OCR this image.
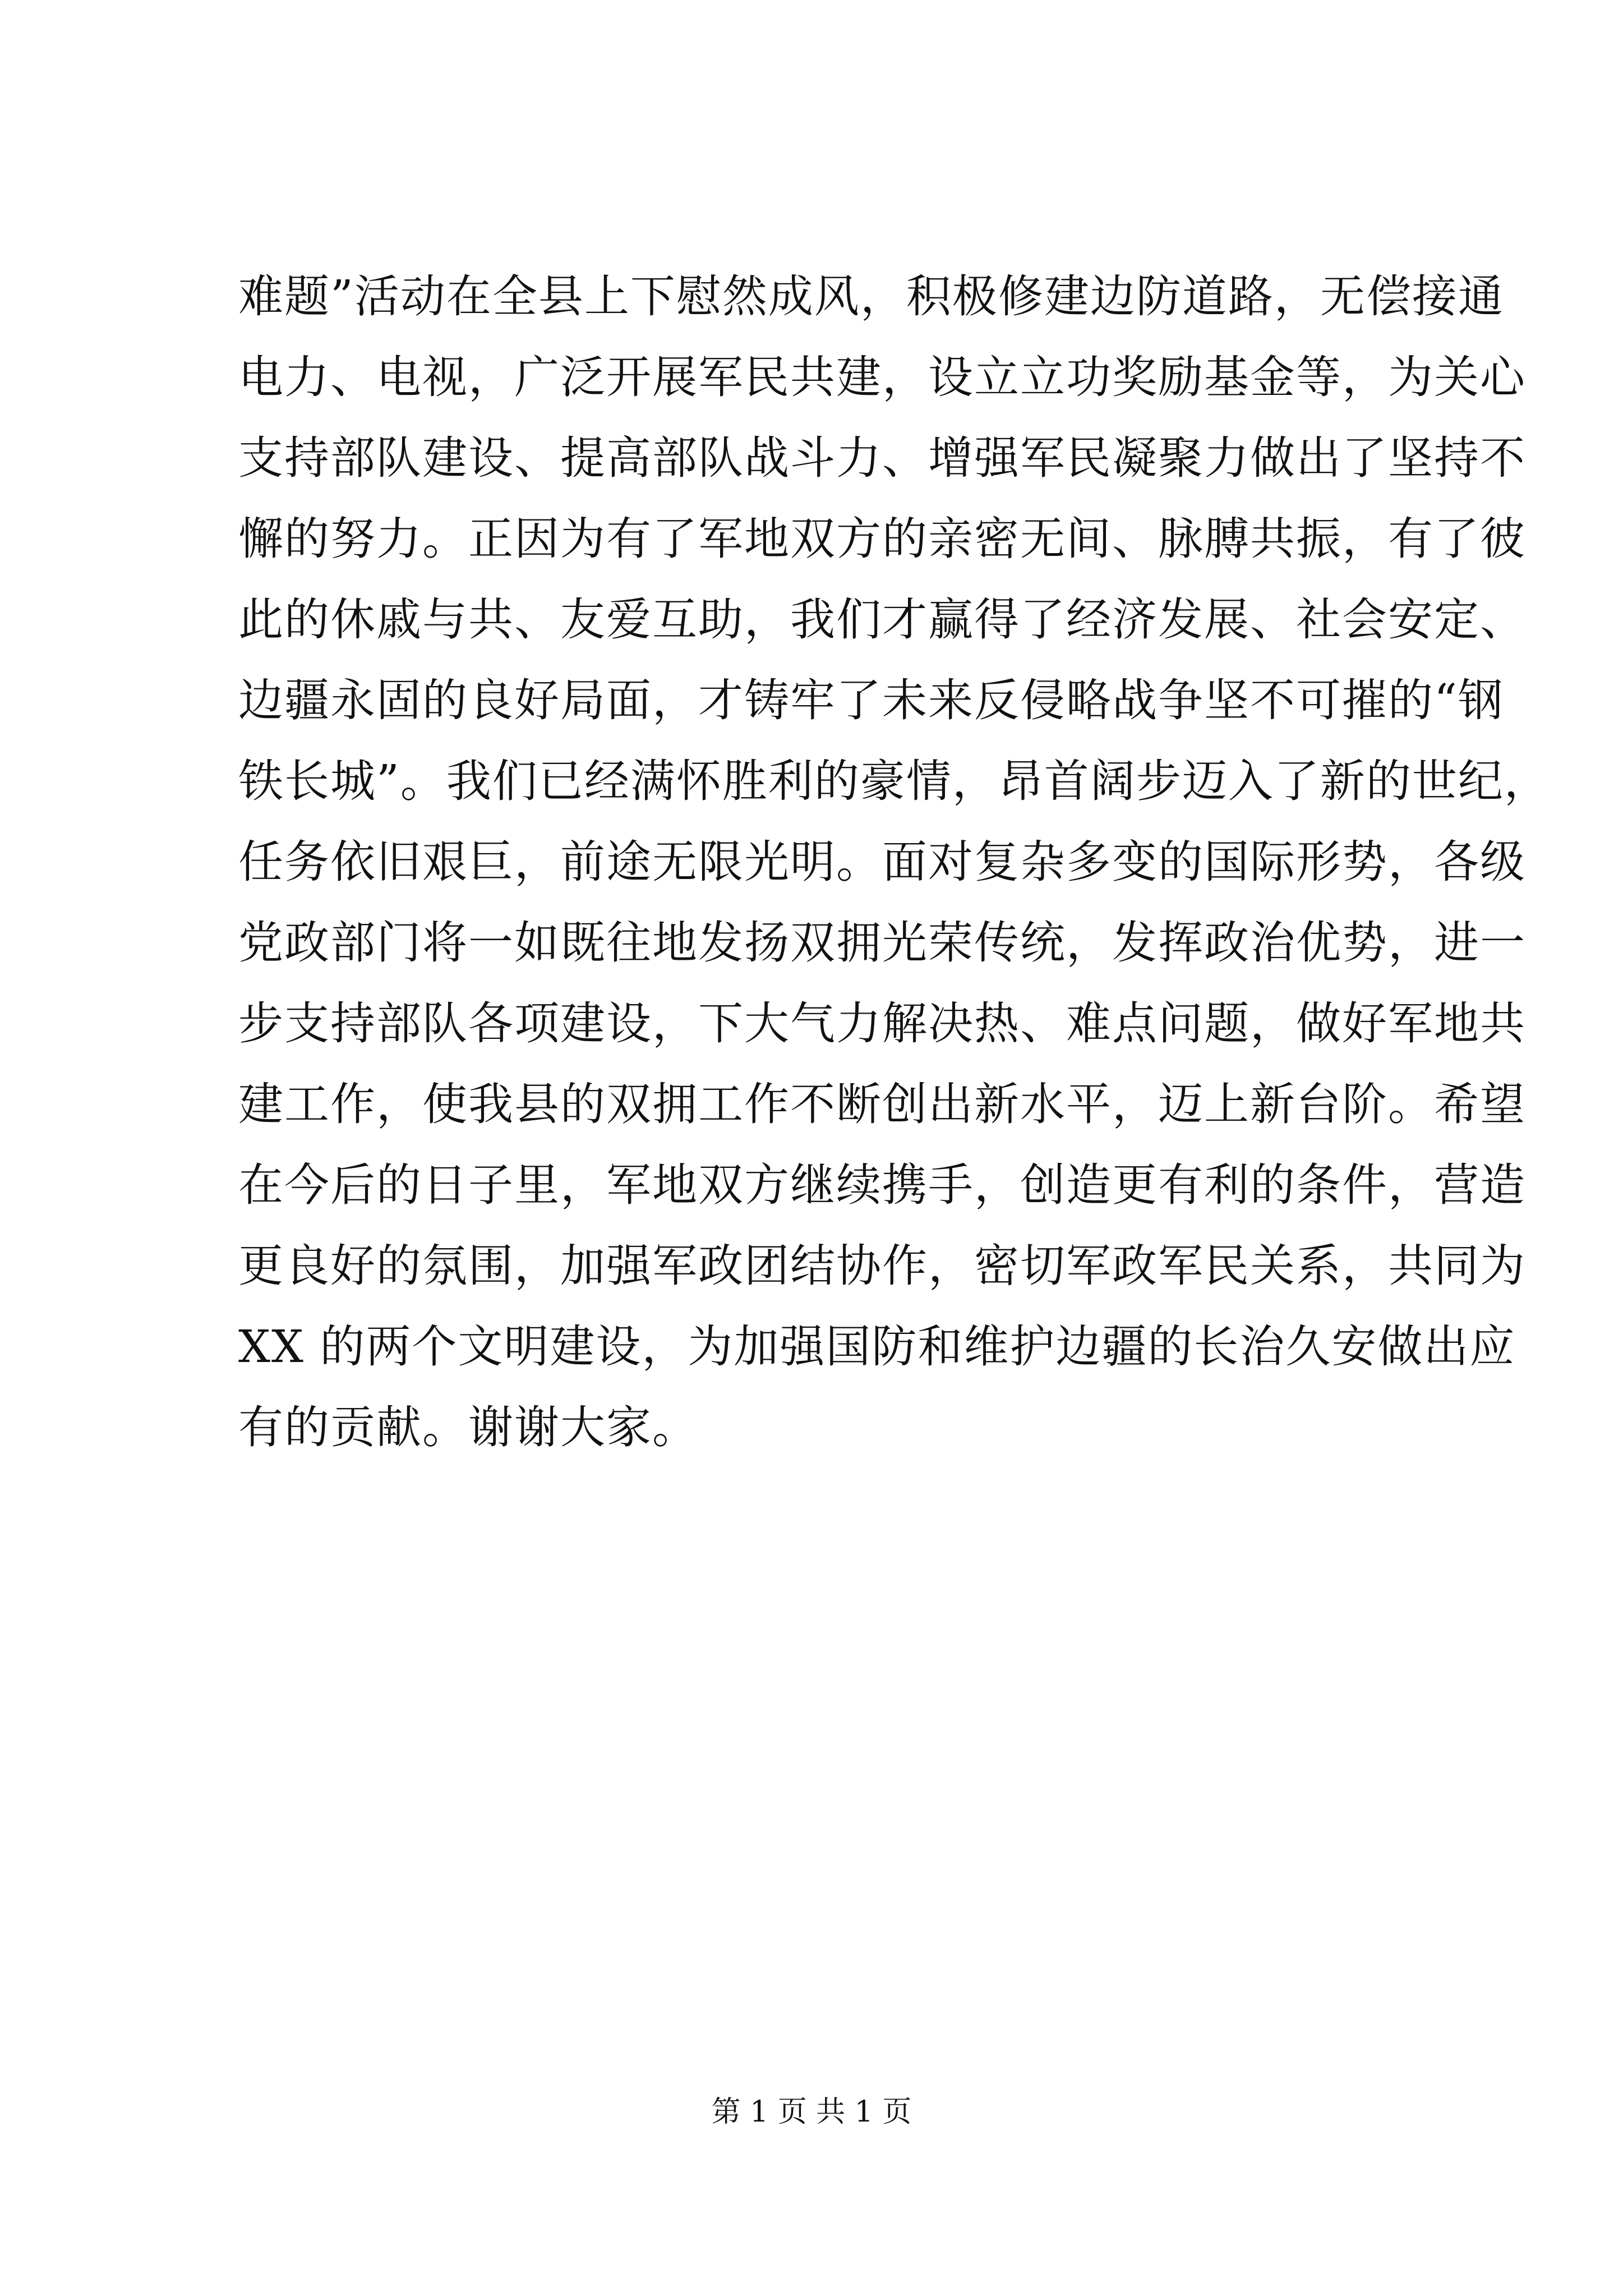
难题”活动在全县上下慰然成风，积极修建边防道路，无偿接通
电力、电视，广泛开展军民共建，设立立功奖励基金等，为关心
支持部队建设、提高部队战斗力、增强军民凝聚力做出了坚持不
懈的努力。正因为有了军地双方的亲密无间、脉膊共振，有了彼
此的休戚与共、友爱互助，我们才赢得了经济发展、社会安定、
边疆永固的良好局面，才铸牢了未来反侵略战争坚不可摧的“钢
铁长城”。我们已经满怀胜利的豪情，昂首阔步迈入了新的世纪，
任务依旧艰巨，前途无限光明。面对复杂多变的国际形势，各级
党政部门将一如既往地发扬双拥光荣传统，发挥政治优势，进一
步支持部队各项建设，下大气力解决热、难点问题，做好军地共
建工作，使我县的双拥工作不断创出新水平，迈上新台阶。希望
在今后的日子里，军地双方继续携手，创造更有利的条件，营造
更良好的氛围，加强军政团结协作，密切军政军民关系，共同为
XX 的两个文明建设，为加强国防和维护边疆的长治久安做出应
有的贡献。谢谢大家。
第 1 页 共 1 页
